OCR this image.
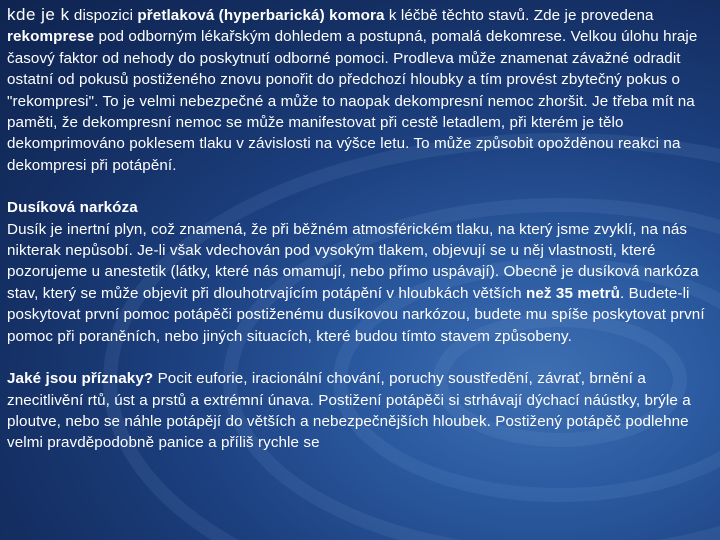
kde je k dispozici přetlaková (hyperbarická) komora k léčbě těchto stavů. Zde je provedena rekomprese pod odborným lékařským dohledem a postupná, pomalá dekomrese. Velkou úlohu hraje časový faktor od nehody do poskytnutí odborné pomoci. Prodleva může znamenat závažné odradit ostatní od pokusů postiženého znovu ponořit do předchozí hloubky a tím provést zbytečný pokus o "rekompresi". To je velmi nebezpečné a může to naopak dekompresní nemoc zhoršit. Je třeba mít na paměti, že dekompresní nemoc se může manifestovat při cestě letadlem, při kterém je tělo dekomprimováno poklesem tlaku v závislosti na výšce letu. To může způsobit opožděnou reakci na dekompresi při potápění.

Dusíková narkóza

Dusík je inertní plyn, což znamená, že při běžném atmosférickém tlaku, na který jsme zvyklí, na nás nikterak nepůsobí. Je-li však vdechován pod vysokým tlakem, objevují se u něj vlastnosti, které pozorujeme u anestetik (látky, které nás omamují, nebo přímo uspávají). Obecně je dusíková narkóza stav, který se může objevit při dlouhotrvajícím potápění v hloubkách větších než 35 metrů. Budete-li poskytovat první pomoc potápěči postiženému dusíkovou narkózou, budete mu spíše poskytovat první pomoc při poraněních, nebo jiných situacích, které budou tímto stavem způsobeny.

Jaké jsou příznaky? Pocit euforie, iracionální chování, poruchy soustředění, závrať, brnění a znecitlivění rtů, úst a prstů a extrémní únava. Postižení potápěči si strhávají dýchací náústky, brýle a ploutve, nebo se náhle potápějí do větších a nebezpečnějších hloubek. Postižený potápěč podlehne velmi pravděpodobně panice a příliš rychle se
